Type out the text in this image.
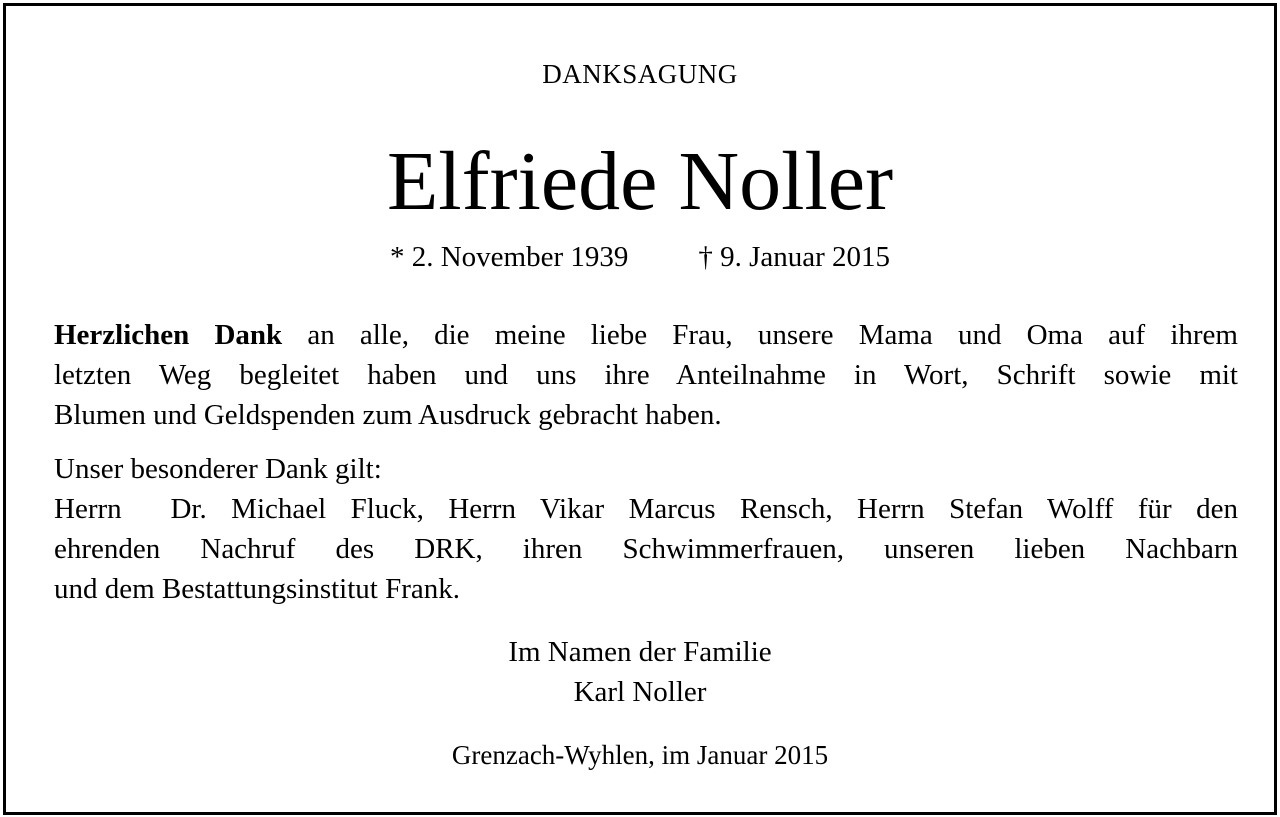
DANKSAGUNG
Elfriede Noller
* 2. November 1939 † 9. Januar 2015
Herzlichen Dank an alle, die meine liebe Frau, unsere Mama und Oma auf ihrem
letzten Weg begleitet haben und uns ihre Anteilnahme in Wort, Schrift sowie mit
Blumen und Geldspenden zum Ausdruck gebracht haben.
Unser besonderer Dank gilt:
Herrn  Dr. Michael Fluck, Herrn Vikar Marcus Rensch, Herrn Stefan Wolff für den
ehrenden Nachruf des DRK, ihren Schwimmerfrauen, unseren lieben Nachbarn
und dem Bestattungsinstitut Frank.
Im Namen der Familie
Karl Noller
Grenzach-Wyhlen, im Januar 2015
